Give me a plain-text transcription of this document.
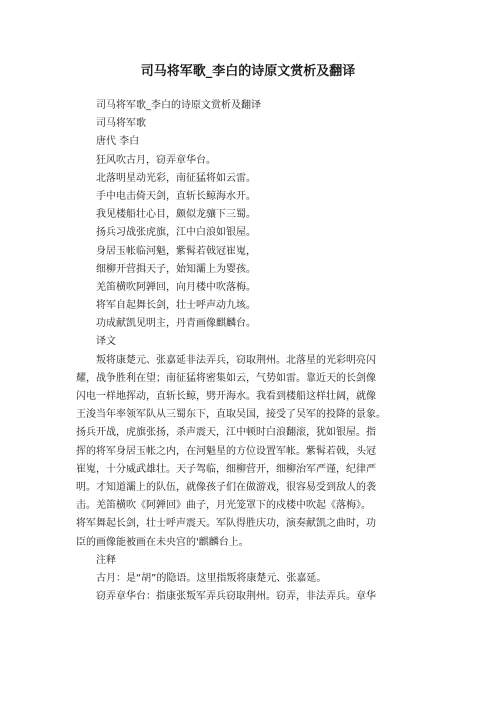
司马将军歌_李白的诗原文赏析及翻译
司马将军歌_李白的诗原文赏析及翻译
司马将军歌
唐代 李白
狂风吹古月，窃弄章华台。
北落明星动光彩，南征猛将如云雷。
手中电击倚天剑，直斩长鲸海水开。
我见楼船壮心目，颇似龙骧下三蜀。
扬兵习战张虎旗，江中白浪如银屋。
身居玉帐临河魁，紫髯若戟冠崔嵬，
细柳开营揖天子，始知灞上为婴孩。
羌笛横吹阿亸回，向月楼中吹落梅。
将军自起舞长剑，壮士呼声动九垓。
功成献凯见明主，丹青画像麒麟台。
译文
叛将康楚元、张嘉延非法弄兵，窃取荆州。北落星的光彩明亮闪
耀，战争胜利在望；南征猛将密集如云，气势如雷。靠近天的长剑像
闪电一样地挥动，直斩长鲸，劈开海水。我看到楼船这样壮阔，就像
王浚当年率领军队从三蜀东下，直取吴国，接受了吴军的投降的景象。
扬兵开战，虎旗张扬，杀声震天，江中顿时白浪翻滚，犹如银屋。指
挥的将军身居玉帐之内，在河魁星的方位设置军帐。紫髯若戟，头冠
崔嵬，十分威武雄壮。天子驾临，细柳营开，细柳治军严谨，纪律严
明。才知道灞上的队伍，就像孩子们在做游戏，很容易受到敌人的袭
击。羌笛横吹《阿亸回》曲子，月光笼罩下的戍楼中吹起《落梅》。
将军舞起长剑，壮士呼声震天。军队得胜庆功，演奏献凯之曲时，功
臣的画像能被画在未央宫的'麒麟台上。
注释
古月：是“胡”的隐语。这里指叛将康楚元、张嘉延。
窃弄章华台：指康张叛军弄兵窃取荆州。窃弄，非法弄兵。章华
